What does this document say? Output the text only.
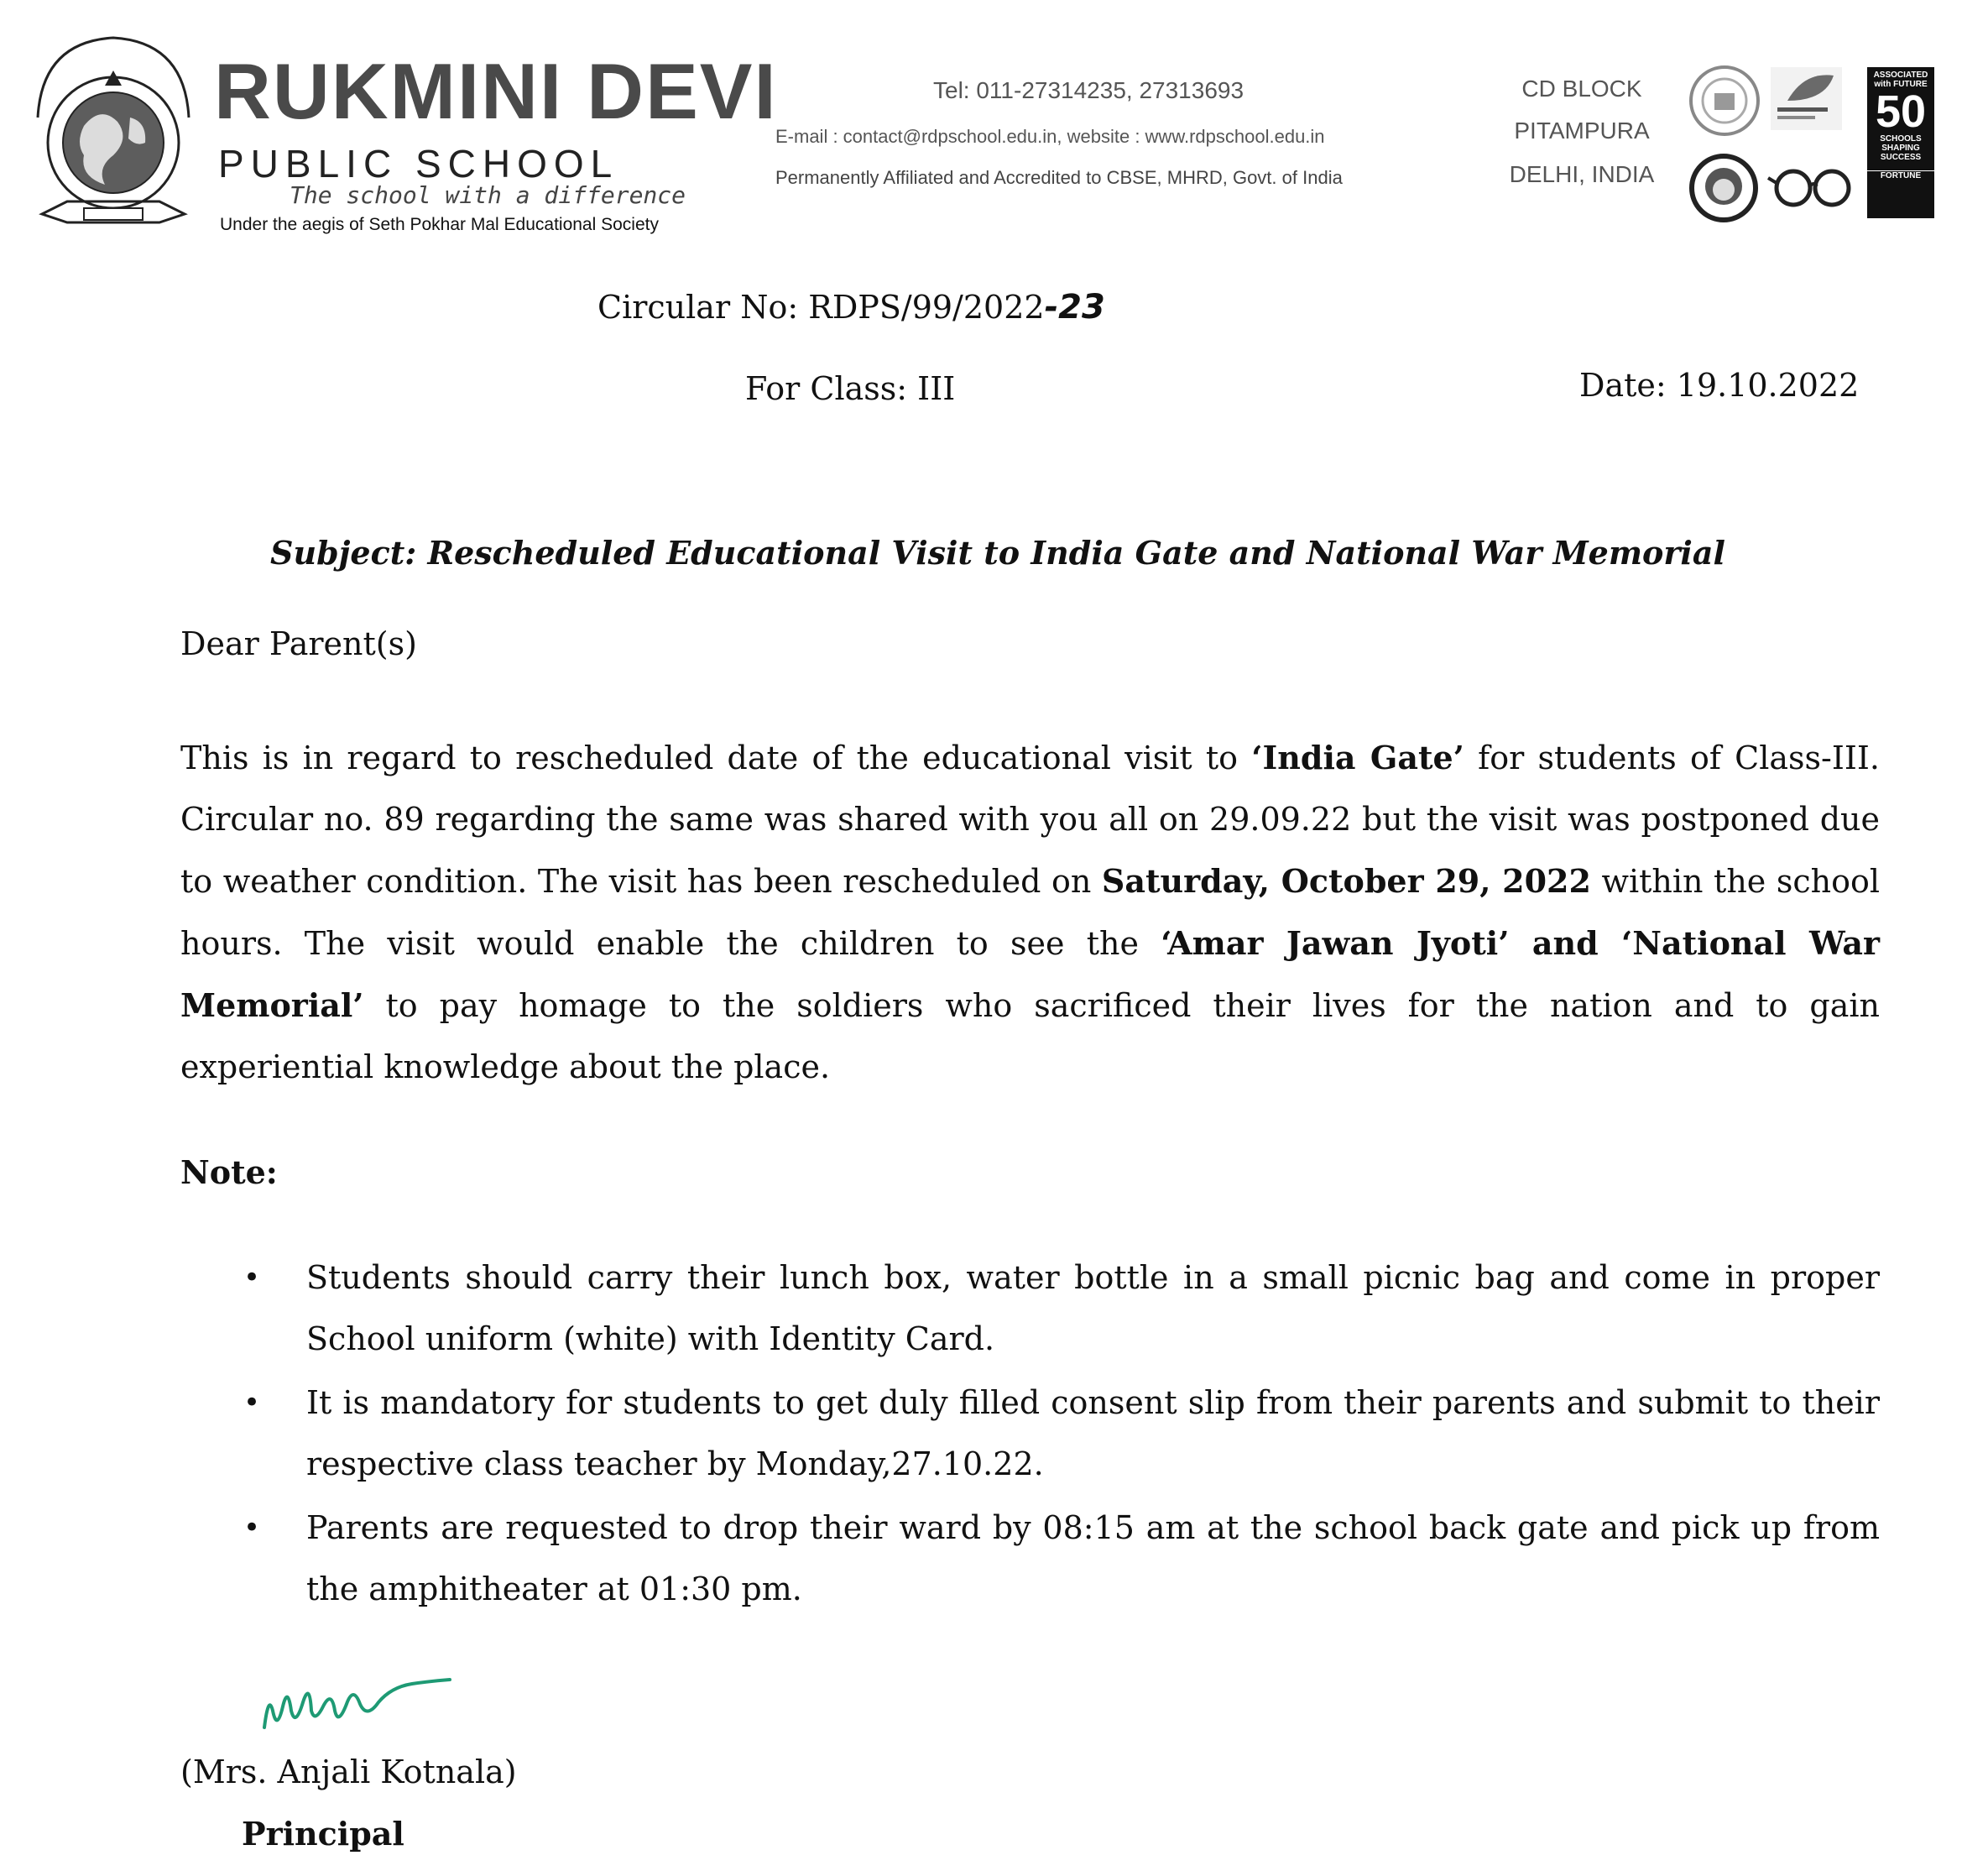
RUKMINI DEVI
PUBLIC SCHOOL
The school with a difference
Under the aegis of Seth Pokhar Mal Educational Society
Tel: 011-27314235, 27313693
E-mail : contact@rdpschool.edu.in, website : www.rdpschool.edu.in
Permanently Affiliated and Accredited to CBSE, MHRD, Govt. of India
CD BLOCK
PITAMPURA
DELHI, INDIA
ASSOCIATED with FUTURE
50
SCHOOLS SHAPING SUCCESS
FORTUNE
Circular No: RDPS/99/2022-23
For Class: III	Date: 19.10.2022
Subject: Rescheduled Educational Visit to India Gate and National War Memorial
Dear Parent(s)
This is in regard to rescheduled date of the educational visit to ‘India Gate’ for students of Class-III. Circular no. 89 regarding the same was shared with you all on 29.09.22 but the visit was postponed due to weather condition. The visit has been rescheduled on Saturday, October 29, 2022 within the school hours. The visit would enable the children to see the ‘Amar Jawan Jyoti’ and ‘National War Memorial’ to pay homage to the soldiers who sacrificed their lives for the nation and to gain experiential knowledge about the place.
Note:
• Students should carry their lunch box, water bottle in a small picnic bag and come in proper School uniform (white) with Identity Card.
• It is mandatory for students to get duly filled consent slip from their parents and submit to their respective class teacher by Monday,27.10.22.
• Parents are requested to drop their ward by 08:15 am at the school back gate and pick up from the amphitheater at 01:30 pm.
(Mrs. Anjali Kotnala)
Principal
